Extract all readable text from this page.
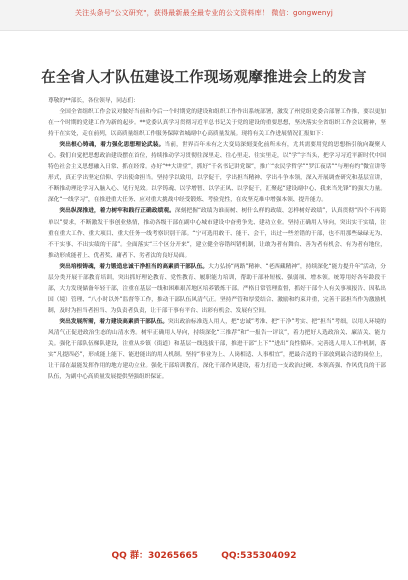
关注头条号"公文研究"，获得最新最全最专业的公文资料库！ 微信：gongwenyj
在全省人才队伍建设工作现场观摩推进会上的发言

尊敬的**部长，各位领导，同志们：

全国全省组织工作会议对做好当前和今后一个时期党的建设和组织工作作出系统部署，激发了州党组党委合部署工作推，要以更加在一个时期的党建工作为新的起步。**党委认真学习贯彻习近平总书记关于党的建设的重要思想，坚决落实全省组织工作会议精神，坚持干在实处，走在前列，以高质量组织工作服务保障省城副中心高质量发展。现将有关工作进展情况汇报如下：

突出根心铸魂，着力强化思想理论武装。当前，世界百年未有之大变局深刻变化前所未有，尤其需要用党的思想指引航向凝聚人心。我们自觉把思想政治建设摆在首位，持续推动学习贯彻往深里走、往心里走、往实里走，以“学”字当头，把学习习近平新时代中国特色社会主义思想融入日常、抓在经常。办好“**大讲堂”，抓好“千名书记讲党课”，推广“农民学哲学”“罗江夜话”“与理有约”微宣讲等形式，真正学出坚定信仰、学出使命担当。坚持学以致用，以学促干，学出担当精神、学出斗争本领，深入开展调查研究和基层宣讲，不断推动理论学习入脑入心、见行见效。以学铸魂、以学增智、以学正风、以学促干，汇聚起“建设副中心、我来当先锋”的强大力量。深化“一线学习”，在推进重大任务、应对重大挑战中经受锻炼、考验党性，在攻坚克难中增强本领、提升能力。

突出纵深推进，着力树牢和践行正确政绩观。深刻把握“政绩为谁而树、树什么样的政绩、怎样树好政绩”，认真贯彻“四个不再简单以”要求，不断激发干事创业热情，推动各级干部在副中心城市建设中奋勇争先、建功立业。坚持正确用人导向，突出实干实绩，注重在重大工作、重大项目、重大任务一线考察识别干部。“宁可选用敢干、能干、会干，出过一些差错的干部，也不用那些碌碌无为、不干实事、不出实绩的干部”。全面落实“三个区分开来”，建立健全容错纠错机制，让敢为者有舞台、善为者有机会、有为者有地位，推动形成能者上、优者奖、庸者下、劣者汰的良好局面。

突出培根铸魂，着力锻造忠诚干净担当的高素质干部队伍。大力弘扬“两路”精神、“老西藏精神”，持续深化“能力提升年”活动，分层分类开展干部教育培训，突出抓好理论教育、党性教育、履职能力培训，帮助干部补短板、强弱项、增本领。统筹用好各年龄段干部，大力发现储备年轻干部，注重在基层一线和困难艰苦地区培养锻炼干部。严格日常管理监督，抓好干部个人有关事项报告、因私出国（境）管理、“八小时以外”监督等工作，推动干部队伍风清气正。坚持严管和厚爱结合、激励和约束并重，完善干部担当作为激励机制，及时为担当者担当、为负责者负责，让干部干事有平台、出彩有机会、发展有空间。

突出发展所需，着力建设高素质干部队伍。突出政治标准选人用人，把“忠诚”考准、把“干净”考实、把“担当”考细，以用人环境的风清气正促进政治生态的山清水秀。树牢正确用人导向，持续深化“三推荐”和“一报告一评议”，着力把好人选政治关、廉洁关、能力关。强化干部队伍梯队建设，注重从乡镇（街道）和基层一线选拔干部，推进干部“上下”“进出”良性循环。完善选人用人工作机制，落实“凡提四必”，形成能上能下、能进能出的用人机制。坚持“事业为上、人岗相适、人事相宜”，把最合适的干部放到最合适的岗位上，让干部在最能发挥作用的地方建功立业。强化干部培训教育，深化干部作风建设，着力打造一支政治过硬、本领高强、作风优良的干部队伍，为副中心高质量发展提供坚强组织保证。

QQ 群：30265665	QQ:535304092
